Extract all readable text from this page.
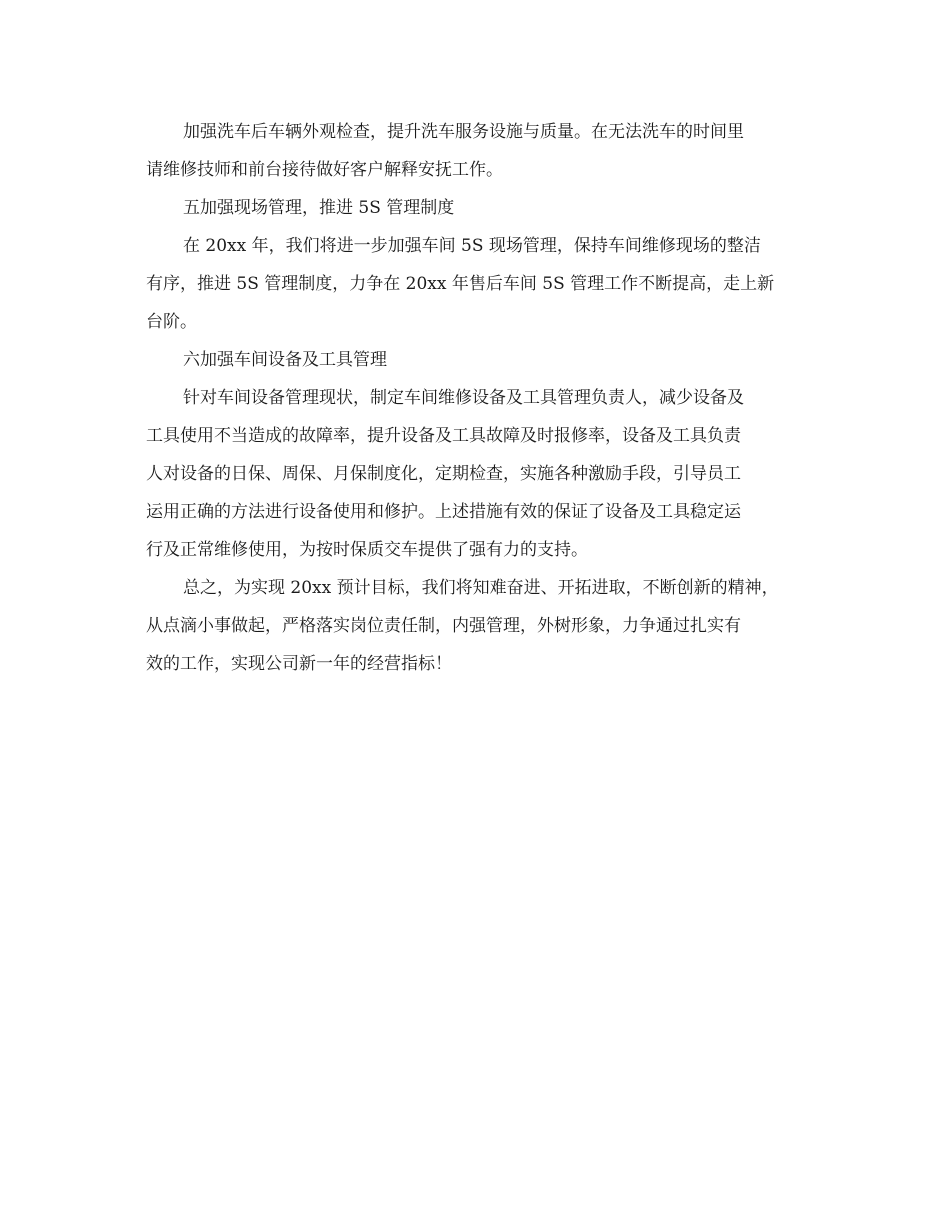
加强洗车后车辆外观检查，提升洗车服务设施与质量。在无法洗车的时间里
请维修技师和前台接待做好客户解释安抚工作。
五加强现场管理，推进 5S 管理制度
在 20xx 年，我们将进一步加强车间 5S 现场管理，保持车间维修现场的整洁
有序，推进 5S 管理制度，力争在 20xx 年售后车间 5S 管理工作不断提高，走上新
台阶。
六加强车间设备及工具管理
针对车间设备管理现状，制定车间维修设备及工具管理负责人，减少设备及
工具使用不当造成的故障率，提升设备及工具故障及时报修率，设备及工具负责
人对设备的日保、周保、月保制度化，定期检查，实施各种激励手段，引导员工
运用正确的方法进行设备使用和修护。上述措施有效的保证了设备及工具稳定运
行及正常维修使用，为按时保质交车提供了强有力的支持。
总之，为实现 20xx 预计目标，我们将知难奋进、开拓进取，不断创新的精神，
从点滴小事做起，严格落实岗位责任制，内强管理，外树形象，力争通过扎实有
效的工作，实现公司新一年的经营指标！
